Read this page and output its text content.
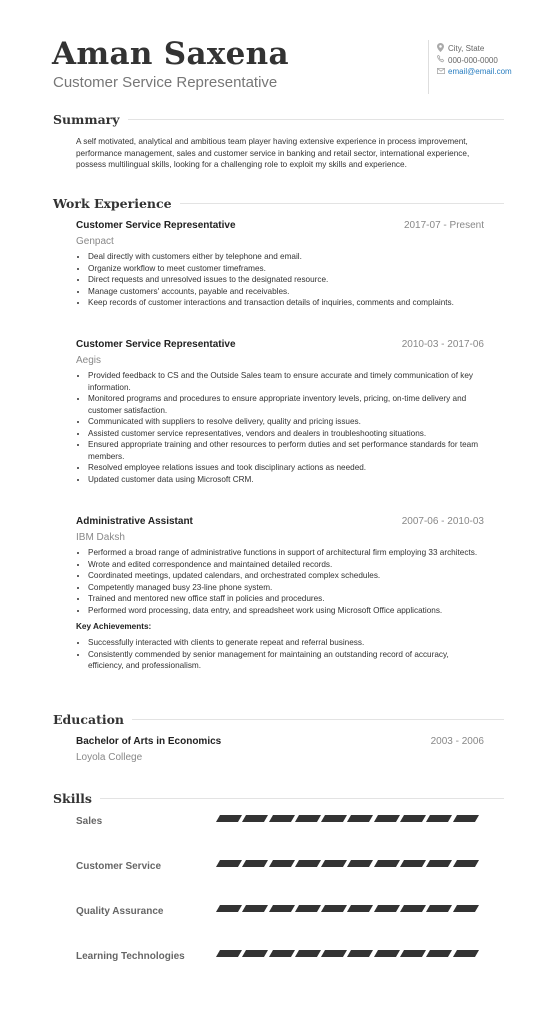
Aman Saxena
Customer Service Representative
City, State
000-000-0000
email@email.com
Summary
A self motivated, analytical and ambitious team player having extensive experience in process improvement, performance management, sales and customer service in banking and retail sector, international experience, possess multilingual skills, looking for a challenging role to exploit my skills and experience.
Work Experience
Customer Service Representative	2017-07 - Present
Genpact
• Deal directly with customers either by telephone and email.
• Organize workflow to meet customer timeframes.
• Direct requests and unresolved issues to the designated resource.
• Manage customers' accounts, payable and receivables.
• Keep records of customer interactions and transaction details of inquiries, comments and complaints.
Customer Service Representative	2010-03 - 2017-06
Aegis
• Provided feedback to CS and the Outside Sales team to ensure accurate and timely communication of key information.
• Monitored programs and procedures to ensure appropriate inventory levels, pricing, on-time delivery and customer satisfaction.
• Communicated with suppliers to resolve delivery, quality and pricing issues.
• Assisted customer service representatives, vendors and dealers in troubleshooting situations.
• Ensured appropriate training and other resources to perform duties and set performance standards for team members.
• Resolved employee relations issues and took disciplinary actions as needed.
• Updated customer data using Microsoft CRM.
Administrative Assistant	2007-06 - 2010-03
IBM Daksh
• Performed a broad range of administrative functions in support of architectural firm employing 33 architects.
• Wrote and edited correspondence and maintained detailed records.
• Coordinated meetings, updated calendars, and orchestrated complex schedules.
• Competently managed busy 23-line phone system.
• Trained and mentored new office staff in policies and procedures.
• Performed word processing, data entry, and spreadsheet work using Microsoft Office applications.
Key Achievements:
• Successfully interacted with clients to generate repeat and referral business.
• Consistently commended by senior management for maintaining an outstanding record of accuracy, efficiency, and professionalism.
Education
Bachelor of Arts in Economics	2003 - 2006
Loyola College
Skills
Sales
Customer Service
Quality Assurance
Learning Technologies
